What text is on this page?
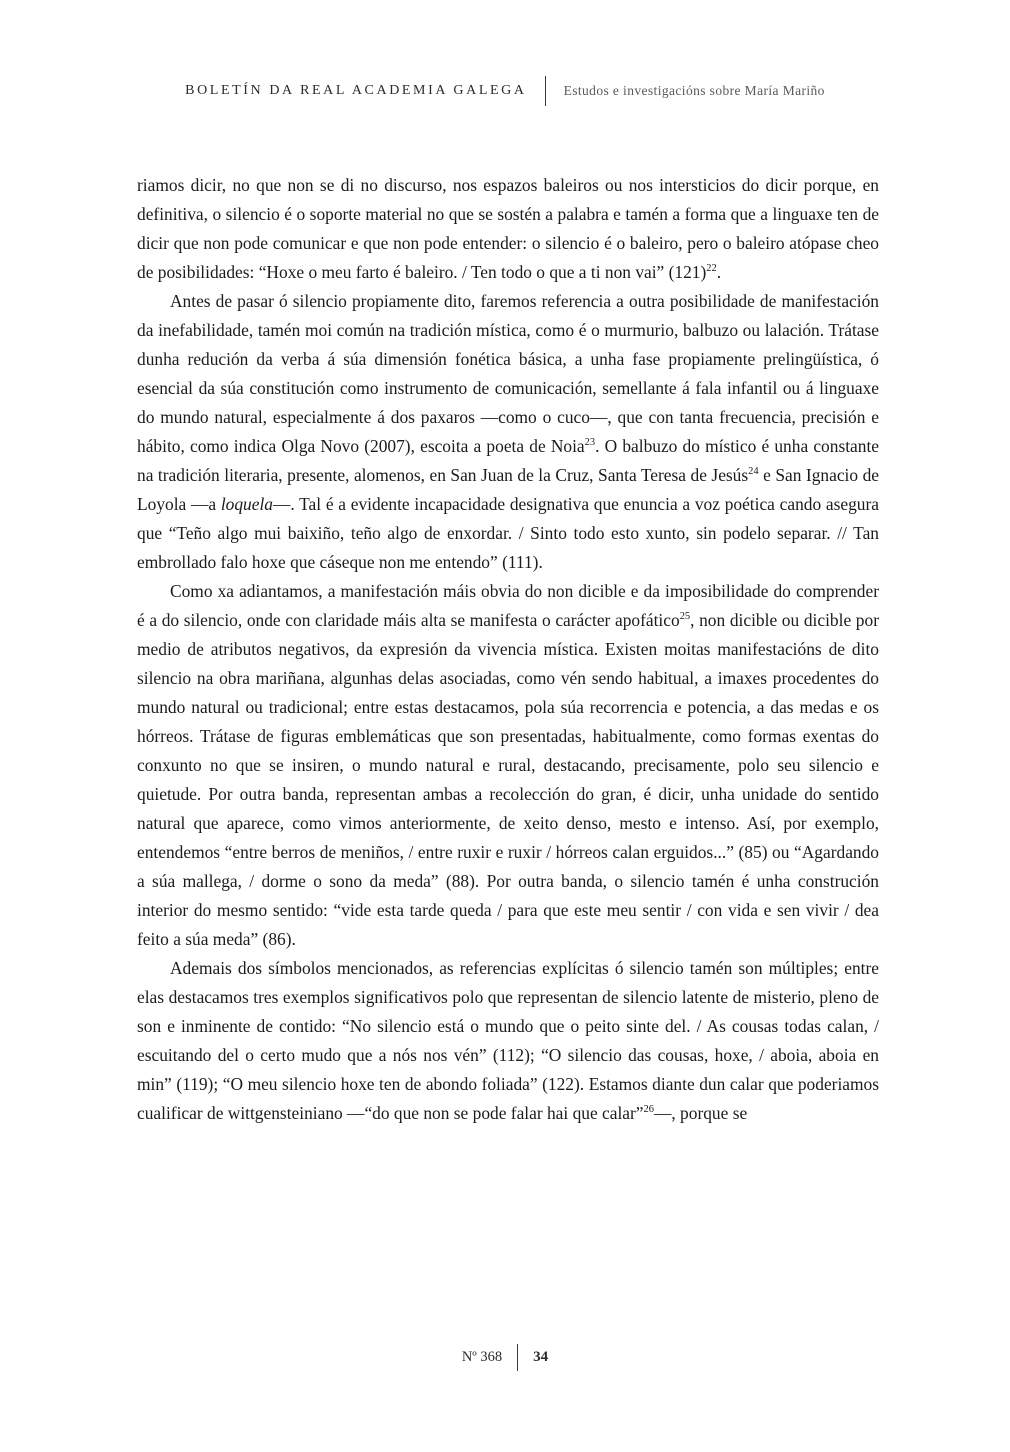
BOLETÍN DA REAL ACADEMIA GALEGA	Estudos e investigacións sobre María Mariño

riamos dicir, no que non se di no discurso, nos espazos baleiros ou nos intersticios do dicir porque, en definitiva, o silencio é o soporte material no que se sostén a palabra e tamén a forma que a linguaxe ten de dicir que non pode comunicar e que non pode entender: o silencio é o baleiro, pero o baleiro atópase cheo de posibilidades: “Hoxe o meu farto é baleiro. / Ten todo o que a ti non vai” $(121)^{22}$.

Antes de pasar ó silencio propiamente dito, faremos referencia a outra posibilidade de manifestación da inefabilidade, tamén moi común na tradición mística, como é o murmurio, balbuzo ou lalación. Trátase dunha redución da verba á súa dimensión fonética básica, a unha fase propiamente prelingüística, ó esencial da súa constitución como instrumento de comunicación, semellante á fala infantil ou á linguaxe do mundo natural, especialmente á dos paxaros —como o cuco—, que con tanta frecuencia, precisión e hábito, como indica Olga Novo (2007), escoita a poeta de Noia$^{23}$. O balbuzo do místico é unha constante na tradición literaria, presente, alomenos, en San Juan de la Cruz, Santa Teresa de Jesús$^{24}$ e San Ignacio de Loyola —a loquela—. Tal é a evidente incapacidade designativa que enuncia a voz poética cando asegura que “Teño algo mui baixiño, teño algo de enxordar. / Sinto todo esto xunto, sin podelo separar. // Tan embrollado falo hoxe que cáseque non me entendo” (111).

Como xa adiantamos, a manifestación máis obvia do non dicible e da imposibilidade do comprender é a do silencio, onde con claridade máis alta se manifesta o carácter apofático$^{25}$, non dicible ou dicible por medio de atributos negativos, da expresión da vivencia mística. Existen moitas manifestacións de dito silencio na obra mariñana, algunhas delas asociadas, como vén sendo habitual, a imaxes procedentes do mundo natural ou tradicional; entre estas destacamos, pola súa recorrencia e potencia, a das medas e os hórreos. Trátase de figuras emblemáticas que son presentadas, habitualmente, como formas exentas do conxunto no que se insiren, o mundo natural e rural, destacando, precisamente, polo seu silencio e quietude. Por outra banda, representan ambas a recolección do gran, é dicir, unha unidade do sentido natural que aparece, como vimos anteriormente, de xeito denso, mesto e intenso. Así, por exemplo, entendemos “entre berros de meniños, / entre ruxir e ruxir / hórreos calan erguidos...” (85) ou “Agardando a súa mallega, / dorme o sono da meda” (88). Por outra banda, o silencio tamén é unha construción interior do mesmo sentido: “vide esta tarde queda / para que este meu sentir / con vida e sen vivir / dea feito a súa meda” (86).

Ademais dos símbolos mencionados, as referencias explícitas ó silencio tamén son múltiples; entre elas destacamos tres exemplos significativos polo que representan de silencio latente de misterio, pleno de son e inminente de contido: “No silencio está o mundo que o peito sinte del. / As cousas todas calan, / escuitando del o certo mudo que a nós nos vén” (112); “O silencio das cousas, hoxe, / aboia, aboia en min” (119); “O meu silencio hoxe ten de abondo foliada” (122). Estamos diante dun calar que poderiamos cualificar de wittgensteiniano —“do que non se pode falar hai que calar”$^{26}$—, porque se

Nº 368 34
